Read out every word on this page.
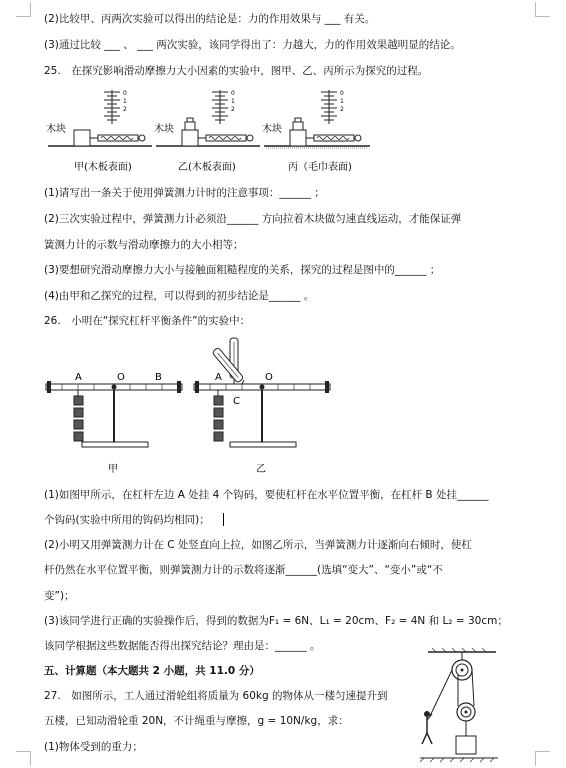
(2)比较甲、丙两次实验可以得出的结论是：力的作用效果与 ___ 有关。
(3)通过比较 ___ 、 ___ 两次实验，该同学得出了：力越大，力的作用效果越明显的结论。
25.　在探究影响滑动摩擦力大小因素的实验中，图甲、乙、丙所示为探究的过程。
0
1
2
木块
甲(木板表面)
0
1
2
木块
乙(木板表面)
0
1
2
木块
丙（毛巾表面)
(1)请写出一条关于使用弹簧测力计时的注意事项：______ ；
(2)三次实验过程中，弹簧测力计必须沿______ 方向拉着木块做匀速直线运动，才能保证弹
簧测力计的示数与滑动摩擦力的大小相等；
(3)要想研究滑动摩擦力大小与接触面粗糙程度的关系，探究的过程是图中的______ ；
(4)由甲和乙探究的过程，可以得到的初步结论是______ 。
26.　小明在“探究杠杆平衡条件”的实验中：
A	O	B
甲
A
C
O
乙
(1)如图甲所示，在杠杆左边 A 处挂 4 个钩码，要使杠杆在水平位置平衡，在杠杆 B 处挂______
个钩码(实验中所用的钩码均相同)；
(2)小明又用弹簧测力计在 C 处竖直向上拉，如图乙所示，当弹簧测力计逐渐向右倾时，使杠
杆仍然在水平位置平衡，则弹簧测力计的示数将逐渐______(选填“变大”、“变小”或“不
变”)；
(3)该同学进行正确的实验操作后，得到的数据为F₁ = 6N、L₁ = 20cm、F₂ = 4N 和 L₂ = 30cm；
该同学根据这些数据能否得出探究结论？理由是：______ 。
五、计算题（本大题共 2 小题，共 11.0 分）
27.　如图所示，工人通过滑轮组将质量为 60kg 的物体从一楼匀速提升到
五楼，已知动滑轮重 20N，不计绳重与摩擦，g = 10N/kg，求：
(1)物体受到的重力；
